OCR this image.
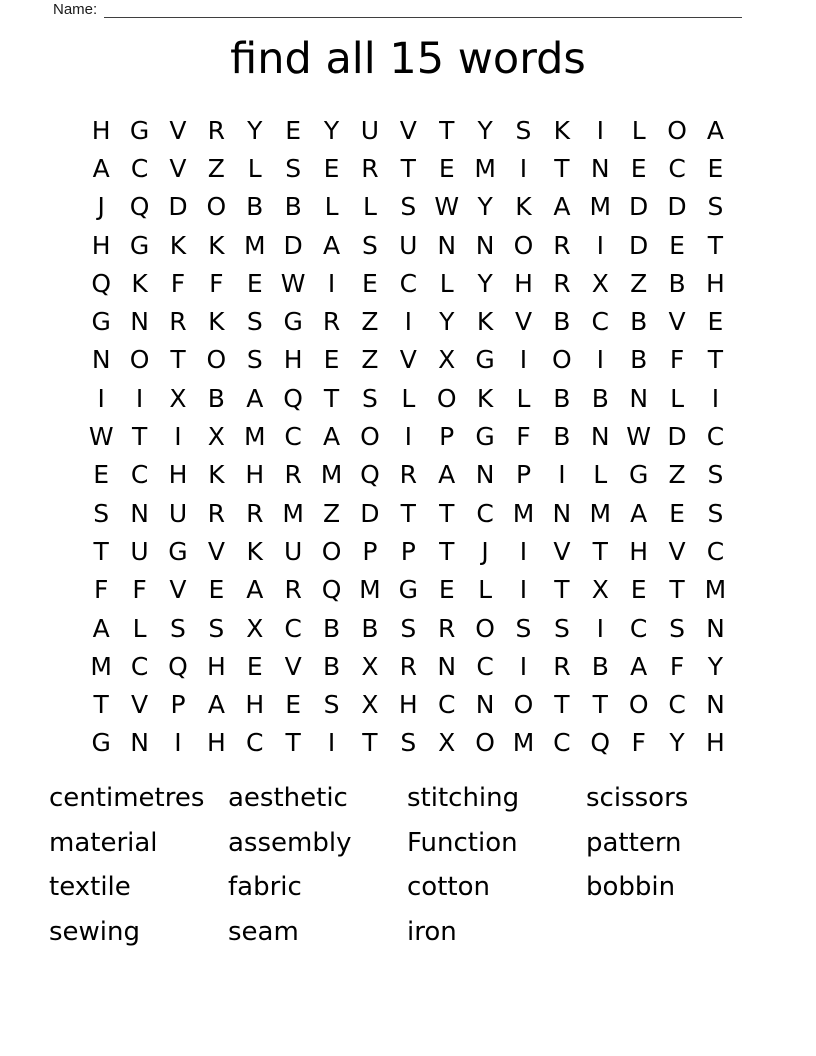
Name:
find all 15 words
H G V R Y E Y U V T Y S K	I	L O A
A C V Z L S E R T E M I	T N E C E
J Q D O B B L L S W Y K A M D D S
H G K K M D A S U N N O R	I	D E T
Q K F F E W I	E C L Y H R X Z B H
G N R K S G R Z	I	Y K V B C B V E
N O T O S H E Z V X G	I O I	B F T
I	I	X B A Q T S L O K L B B N L	I
W T	I	X M C A O I	P G F B N W D C
E C H K H R M Q R A N P	I	L G Z S
S N U R R M Z D T T C M N M A E S
T U G V K U O P P T	J	I	V T H V C
F F V E A R Q M G E L	I	T X E T M
A L S S X C B B S R O S S	I	C S N
M C Q H E V B X R N C	I	R B A F Y
T V P A H E S X H C N O T T O C N
G N	I	H C T	I	T S X O M C Q F Y H
centimetres aesthetic	stitching	scissors
material	assembly	Function	pattern
textile	fabric	cotton	bobbin
sewing	seam	iron
